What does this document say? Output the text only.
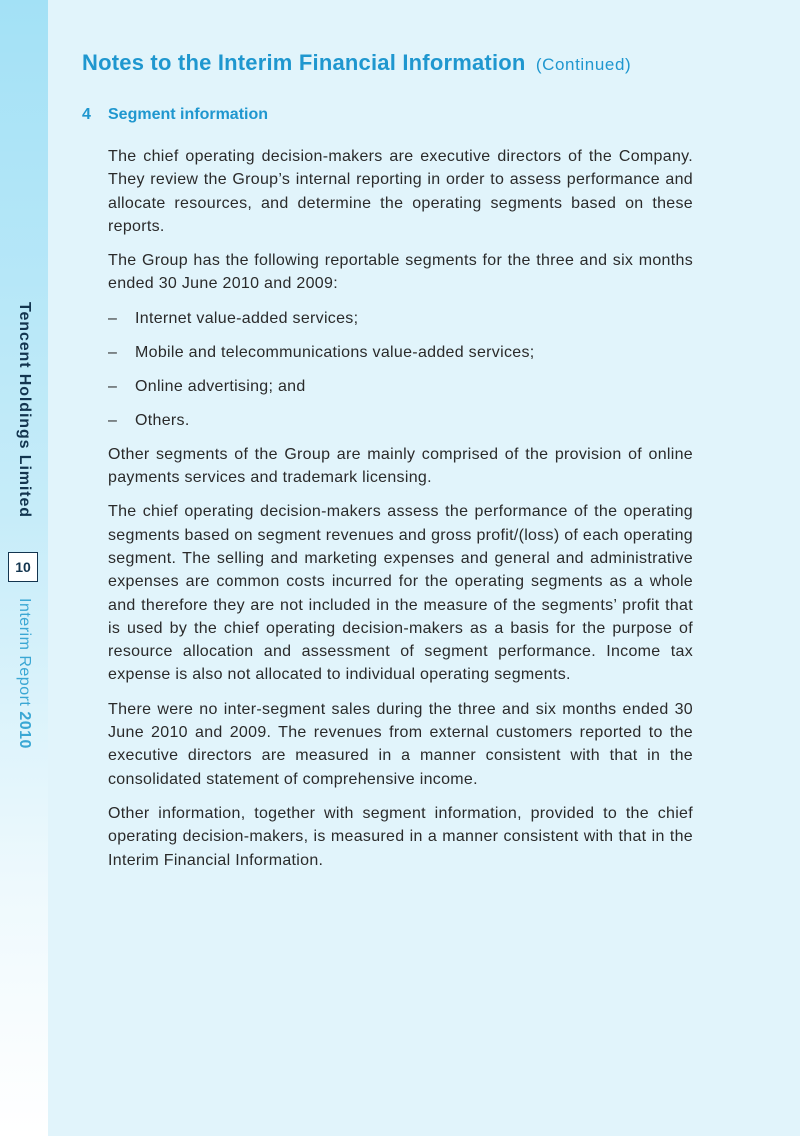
Tencent Holdings Limited
10
Interim Report 2010
Notes to the Interim Financial Information (Continued)
4 Segment information

The chief operating decision-makers are executive directors of the Company. They review the Group’s internal reporting in order to assess performance and allocate resources, and determine the operating segments based on these reports.

The Group has the following reportable segments for the three and six months ended 30 June 2010 and 2009:

–	Internet value-added services;
–	Mobile and telecommunications value-added services;
–	Online advertising; and
–	Others.

Other segments of the Group are mainly comprised of the provision of online payments services and trademark licensing.

The chief operating decision-makers assess the performance of the operating segments based on segment revenues and gross profit/(loss) of each operating segment. The selling and marketing expenses and general and administrative expenses are common costs incurred for the operating segments as a whole and therefore they are not included in the measure of the segments’ profit that is used by the chief operating decision-makers as a basis for the purpose of resource allocation and assessment of segment performance. Income tax expense is also not allocated to individual operating segments.

There were no inter-segment sales during the three and six months ended 30 June 2010 and 2009. The revenues from external customers reported to the executive directors are measured in a manner consistent with that in the consolidated statement of comprehensive income.

Other information, together with segment information, provided to the chief operating decision-makers, is measured in a manner consistent with that in the Interim Financial Information.
